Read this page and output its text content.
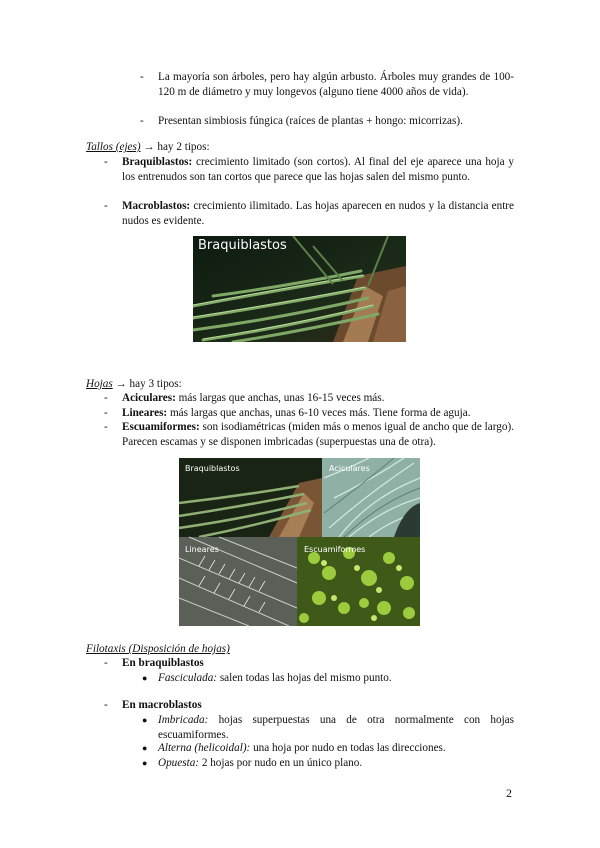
-	La mayoría son árboles, pero hay algún arbusto. Árboles muy grandes de 100-120 m de diámetro y muy longevos (alguno tiene 4000 años de vida).

-	Presentan simbiosis fúngica (raíces de plantas + hongo: micorrizas).

Tallos (ejes) → hay 2 tipos:
-	Braquiblastos: crecimiento limitado (son cortos). Al final del eje aparece una hoja y los entrenudos son tan cortos que parece que las hojas salen del mismo punto.

-	Macroblastos: crecimiento ilimitado. Las hojas aparecen en nudos y la distancia entre nudos es evidente.

Braquiblastos
Hojas → hay 3 tipos:
-	Aciculares: más largas que anchas, unas 16-15 veces más.

-	Lineares: más largas que anchas, unas 6-10 veces más. Tiene forma de aguja.

-	Escuamiformes: son isodiamétricas (miden más o menos igual de ancho que de largo). Parecen escamas y se disponen imbricadas (superpuestas una de otra).

Braquiblastos	Aciculares
Lineares	Escuamiformes
Filotaxis (Disposición de hojas)
-	En braquiblastos
● Fasciculada: salen todas las hojas del mismo punto.

-	En macroblastos
● Imbricada: hojas superpuestas una de otra normalmente con hojas escuamiformes.

● Alterna (helicoidal): una hoja por nudo en todas las direcciones.

● Opuesta: 2 hojas por nudo en un único plano.

2
